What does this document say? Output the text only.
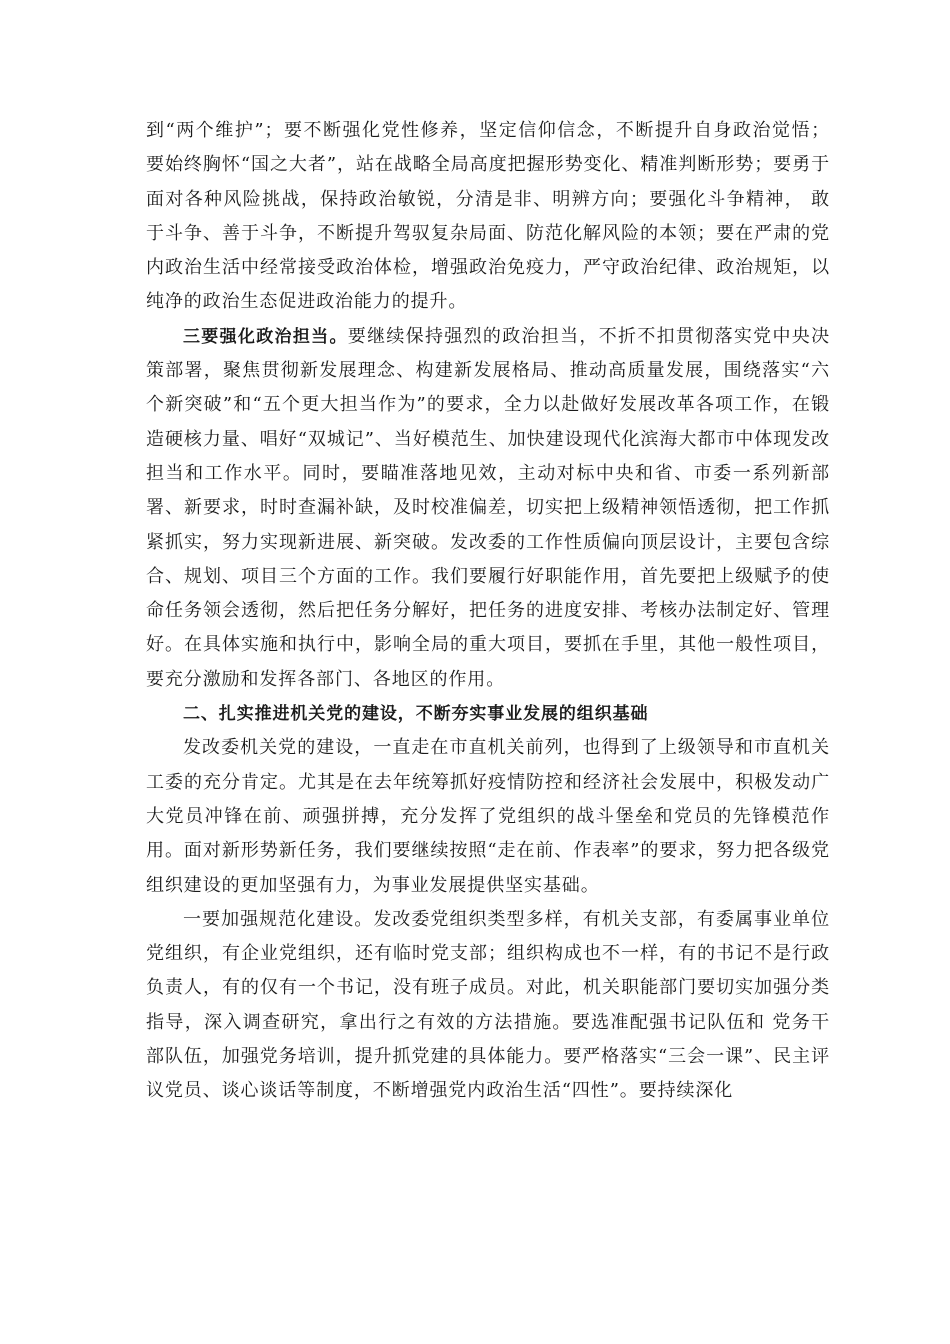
到“两个维护”；要不断强化党性修养，坚定信仰信念，不断提升自身政治觉悟； 要始终胸怀“国之大者”，站在战略全局高度把握形势变化、精准判断形势；要勇于面对各种风险挑战，保持政治敏锐，分清是非、明辨方向；要强化斗争精神， 敢于斗争、善于斗争，不断提升驾驭复杂局面、防范化解风险的本领；要在严肃的党内政治生活中经常接受政治体检，增强政治免疫力，严守政治纪律、政治规矩，以纯净的政治生态促进政治能力的提升。

三要强化政治担当。要继续保持强烈的政治担当，不折不扣贯彻落实党中央决策部署，聚焦贯彻新发展理念、构建新发展格局、推动高质量发展，围绕落实“六个新突破”和“五个更大担当作为”的要求，全力以赴做好发展改革各项工作，在锻造硬核力量、唱好“双城记”、当好模范生、加快建设现代化滨海大都市中体现发改担当和工作水平。同时，要瞄准落地见效，主动对标中央和省、市委一系列新部署、新要求，时时查漏补缺，及时校准偏差，切实把上级精神领悟透彻，把工作抓紧抓实，努力实现新进展、新突破。发改委的工作性质偏向顶层设计，主要包含综合、规划、项目三个方面的工作。我们要履行好职能作用，首先要把上级赋予的使命任务领会透彻，然后把任务分解好，把任务的进度安排、考核办法制定好、管理好。在具体实施和执行中，影响全局的重大项目，要抓在手里，其他一般性项目，要充分激励和发挥各部门、各地区的作用。

二、扎实推进机关党的建设，不断夯实事业发展的组织基础

发改委机关党的建设，一直走在市直机关前列，也得到了上级领导和市直机关工委的充分肯定。尤其是在去年统筹抓好疫情防控和经济社会发展中，积极发动广大党员冲锋在前、顽强拼搏，充分发挥了党组织的战斗堡垒和党员的先锋模范作用。面对新形势新任务，我们要继续按照“走在前、作表率”的要求，努力把各级党组织建设的更加坚强有力，为事业发展提供坚实基础。

一要加强规范化建设。发改委党组织类型多样，有机关支部，有委属事业单位党组织，有企业党组织，还有临时党支部；组织构成也不一样，有的书记不是行政负责人，有的仅有一个书记，没有班子成员。对此，机关职能部门要切实加强分类指导，深入调查研究，拿出行之有效的方法措施。要选准配强书记队伍和 党务干部队伍，加强党务培训，提升抓党建的具体能力。要严格落实“三会一课”、民主评议党员、谈心谈话等制度，不断增强党内政治生活“四性”。要持续深化
